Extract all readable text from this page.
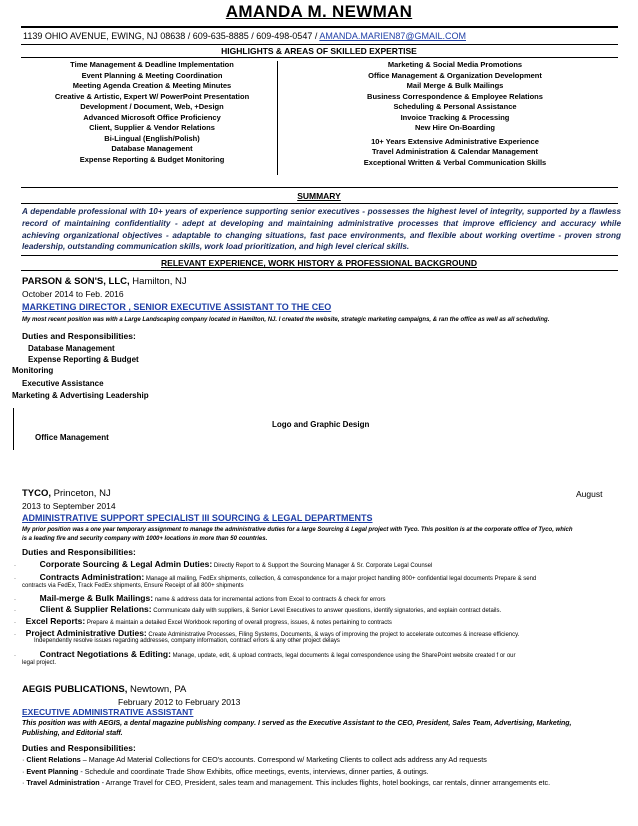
AMANDA M. NEWMAN
1139 OHIO AVENUE, EWING, NJ 08638 / 609-635-8885 / 609-498-0547 / AMANDA.MARIEN87@GMAIL.COM
HIGHLIGHTS & AREAS OF SKILLED EXPERTISE
Time Management & Deadline Implementation
Event Planning & Meeting Coordination
Meeting Agenda Creation & Meeting Minutes
Creative & Artistic, Expert W/ PowerPoint Presentation
Development / Document, Web, +Design
Advanced Microsoft Office Proficiency
Client, Supplier & Vendor Relations
Bi-Lingual (English/Polish)
Database Management
Expense Reporting & Budget Monitoring
Marketing & Social Media Promotions
Office Management & Organization Development
Mail Merge & Bulk Mailings
Business Correspondence & Employee Relations
Scheduling & Personal Assistance
Invoice Tracking & Processing
New Hire On-Boarding
10+ Years Extensive Administrative Experience
Travel Administration & Calendar Management
Exceptional Written & Verbal Communication Skills
SUMMARY
A dependable professional with 10+ years of experience supporting senior executives - possesses the highest level of integrity, supported by a flawless record of maintaining confidentiality - adept at developing and maintaining administrative processes that improve efficiency and accuracy while achieving organizational objectives - adaptable to changing situations, fast pace environments, and flexible about working overtime - proven strong leadership, outstanding communication skills, work load prioritization, and high level clerical skills.
RELEVANT EXPERIENCE, WORK HISTORY & PROFESSIONAL BACKGROUND
PARSON & SON'S, LLC, Hamilton, NJ
October 2014 to Feb. 2016
MARKETING DIRECTOR , SENIOR EXECUTIVE ASSISTANT TO THE CEO
My most recent position was with a Large Landscaping company located in Hamilton, NJ. I created the website, strategic marketing campaigns, & ran the office as well as all scheduling.
Duties and Responsibilities:
Database Management
Expense Reporting & Budget
Monitoring
Executive Assistance
Marketing & Advertising Leadership
Logo and Graphic Design
Office Management
TYCO, Princeton, NJ	August
2013 to September 2014
ADMINISTRATIVE SUPPORT SPECIALIST III SOURCING & LEGAL DEPARTMENTS
My prior position was a one year temporary assignment to manage the administrative duties for a large Sourcing & Legal project with Tyco. This position is at the corporate office of Tyco, which
is a leading fire and security company with 1000+ locations in more than 50 countries.
Duties and Responsibilities:
·	Corporate Sourcing & Legal Admin Duties: Directly Report to & Support the Sourcing Manager & Sr. Corporate Legal Counsel
·	Contracts Administration: Manage all mailing, FedEx shipments, collection, & correspondence for a major project handling 800+ confidential legal documents Prepare & send
contracts via FedEx, Track FedEx shipments, Ensure Receipt of all 800+ shipments
·	Mail-merge & Bulk Mailings: name & address data for incremental actions from Excel to contracts & check for errors
·	Client & Supplier Relations: Communicate daily with suppliers, & Senior Level Executives to answer questions, identify signatories, and explain contract details.
· Excel Reports: Prepare & maintain a detailed Excel Workbook reporting of overall progress, issues, & notes pertaining to contracts
· Project Administrative Duties: Create Administrative Processes, Filing Systems, Documents, & ways of improving the project to accelerate outcomes & increase efficiency.
Independently resolve issues regarding addresses, company information, contract errors & any other project delays
·	Contract Negotiations & Editing: Manage, update, edit, & upload contracts, legal documents & legal correspondence using the SharePoint website created f or our
legal project.
AEGIS PUBLICATIONS, Newtown, PA
February 2012 to February 2013
EXECUTIVE ADMINISTRATIVE ASSISTANT
This position was with AEGIS, a dental magazine publishing company. I served as the Executive Assistant to the CEO, President, Sales Team, Advertising, Marketing,
Publishing, and Editorial staff.
Duties and Responsibilities:
· Client Relations – Manage Ad Material Collections for CEO's accounts. Correspond w/ Marketing Clients to collect ads address any Ad requests
· Event Planning - Schedule and coordinate Trade Show Exhibits, office meetings, events, interviews, dinner parties, & outings.
· Travel Administration - Arrange Travel for CEO, President, sales team and management. This includes flights, hotel bookings, car rentals, dinner arrangements etc.
